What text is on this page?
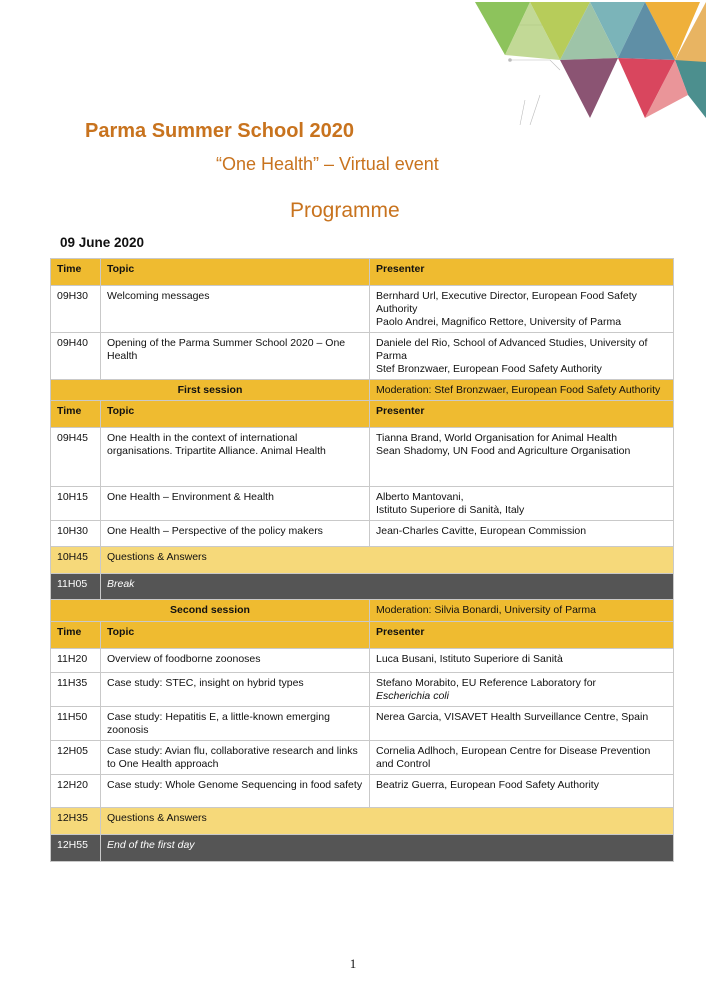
Parma Summer School 2020
“One Health” – Virtual event
Programme
09 June 2020
Time	Topic	Presenter
09H30	Welcoming messages	Bernhard Url, Executive Director, European Food Safety Authority
Paolo Andrei, Magnifico Rettore, University of Parma
09H40	Opening of the Parma Summer School 2020 – One Health	Daniele del Rio, School of Advanced Studies, University of Parma
Stef Bronzwaer, European Food Safety Authority
First session		Moderation: Stef Bronzwaer, European Food Safety Authority
Time	Topic	Presenter
09H45	One Health in the context of international organisations. Tripartite Alliance. Animal Health	Tianna Brand, World Organisation for Animal Health
Sean Shadomy, UN Food and Agriculture Organisation
10H15	One Health – Environment & Health	Alberto Mantovani,
Istituto Superiore di Sanità, Italy
10H30	One Health – Perspective of the policy makers	Jean-Charles Cavitte, European Commission
10H45	Questions & Answers	
11H05	Break	
Second session		Moderation: Silvia Bonardi, University of Parma
Time	Topic	Presenter
11H20	Overview of foodborne zoonoses	Luca Busani, Istituto Superiore di Sanità
11H35	Case study: STEC, insight on hybrid types	Stefano Morabito, EU Reference Laboratory for
Escherichia coli
11H50	Case study: Hepatitis E, a little-known emerging zoonosis	Nerea Garcia, VISAVET Health Surveillance Centre, Spain
12H05	Case study: Avian flu, collaborative research and links to One Health approach	Cornelia Adlhoch, European Centre for Disease Prevention and Control
12H20	Case study: Whole Genome Sequencing in food safety	Beatriz Guerra, European Food Safety Authority
12H35	Questions & Answers	
12H55	End of the first day	
1
